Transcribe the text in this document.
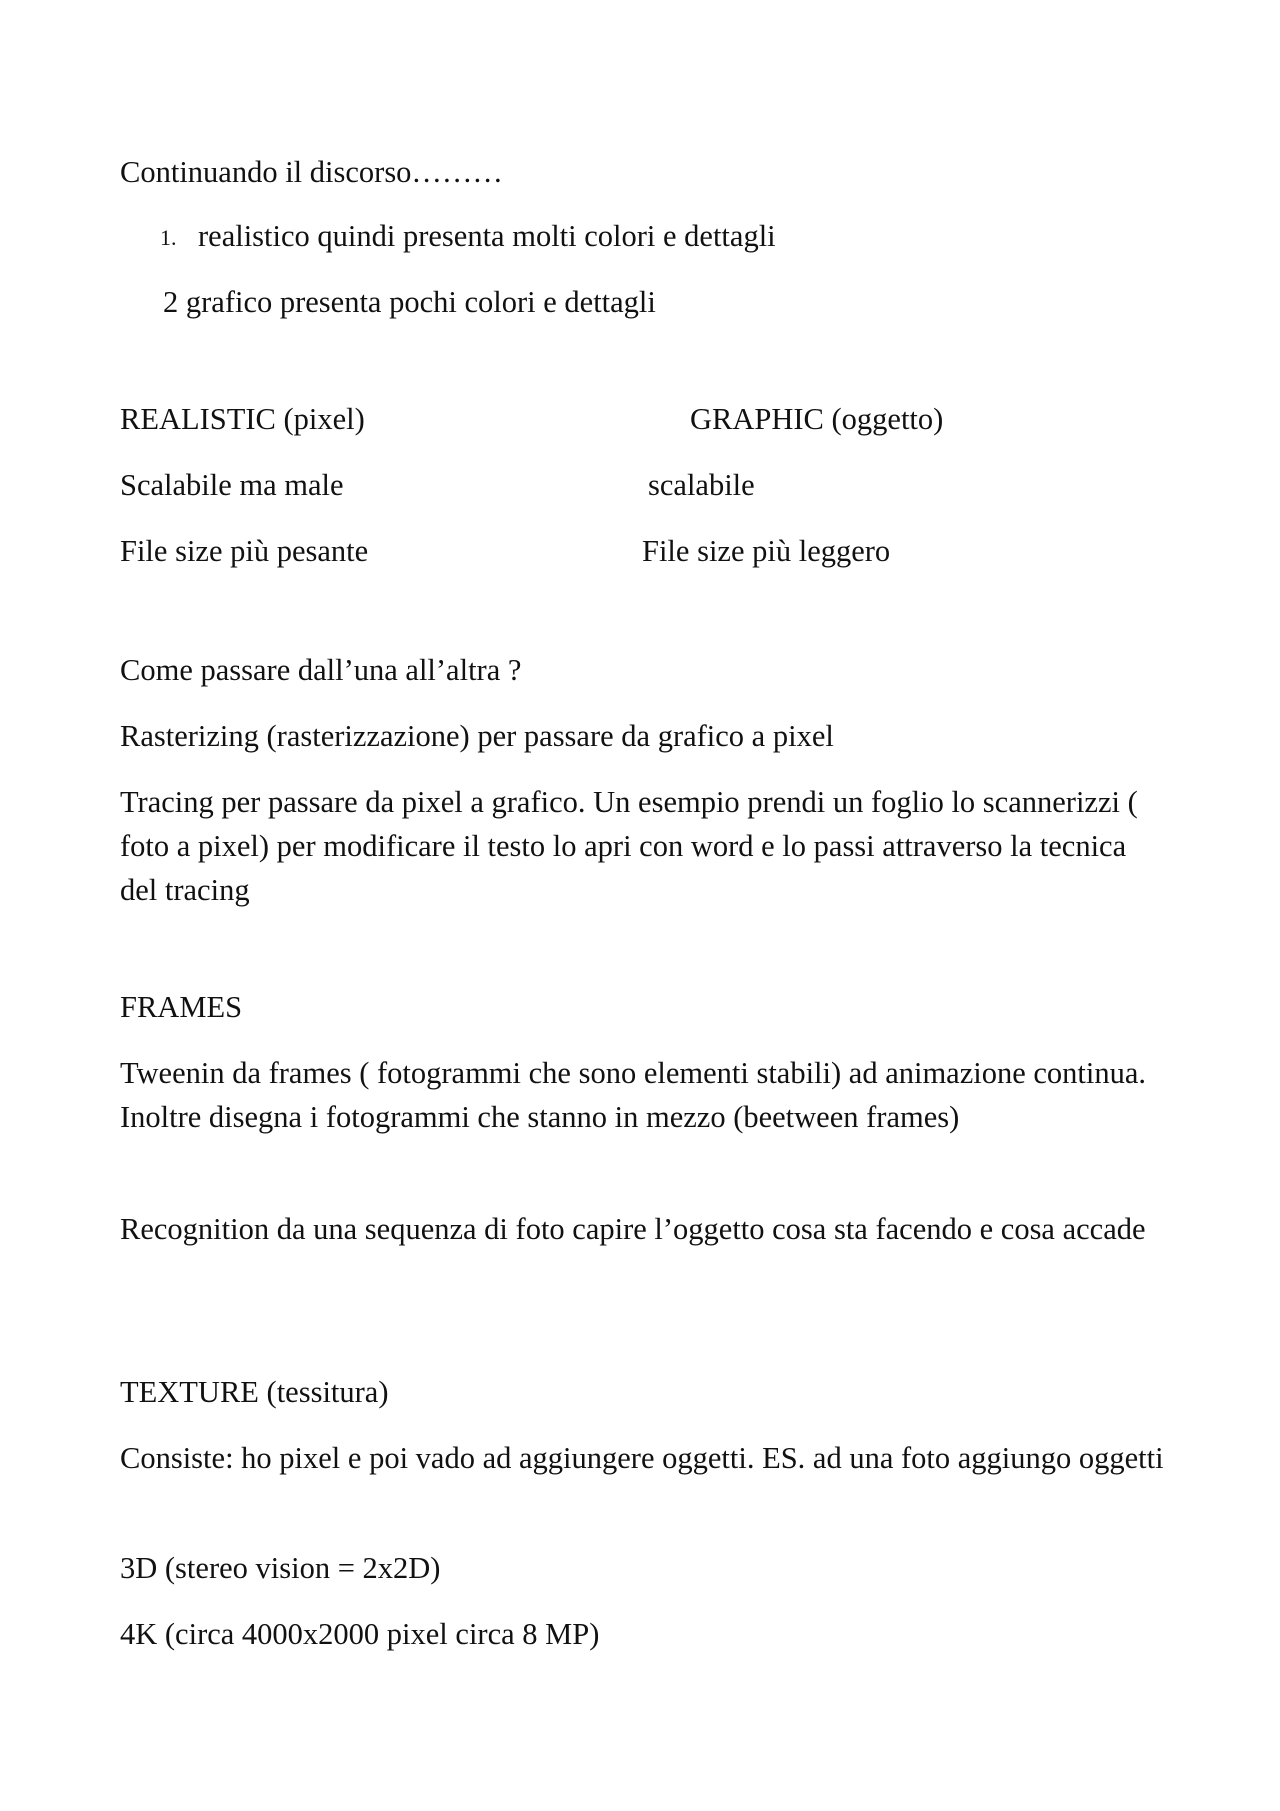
Continuando il discorso………
1. realistico quindi presenta molti colori e dettagli
2 grafico presenta pochi colori e dettagli
REALISTIC (pixel)	GRAPHIC (oggetto)
Scalabile ma male	scalabile
File size più pesante	File size più leggero
Come passare dall’una all’altra ?
Rasterizing (rasterizzazione) per passare da grafico a pixel
Tracing per passare da pixel a grafico. Un esempio prendi un foglio lo scannerizzi ( foto a pixel) per modificare il testo lo apri con word e lo passi attraverso la tecnica del tracing
FRAMES
Tweenin da frames ( fotogrammi che sono elementi stabili) ad animazione continua. Inoltre disegna i fotogrammi che stanno in mezzo (beetween frames)
Recognition da una sequenza di foto capire l’oggetto cosa sta facendo e cosa accade
TEXTURE (tessitura)
Consiste: ho pixel e poi vado ad aggiungere oggetti. ES. ad una foto aggiungo oggetti
3D (stereo vision = 2x2D)
4K (circa 4000x2000 pixel circa 8 MP)
